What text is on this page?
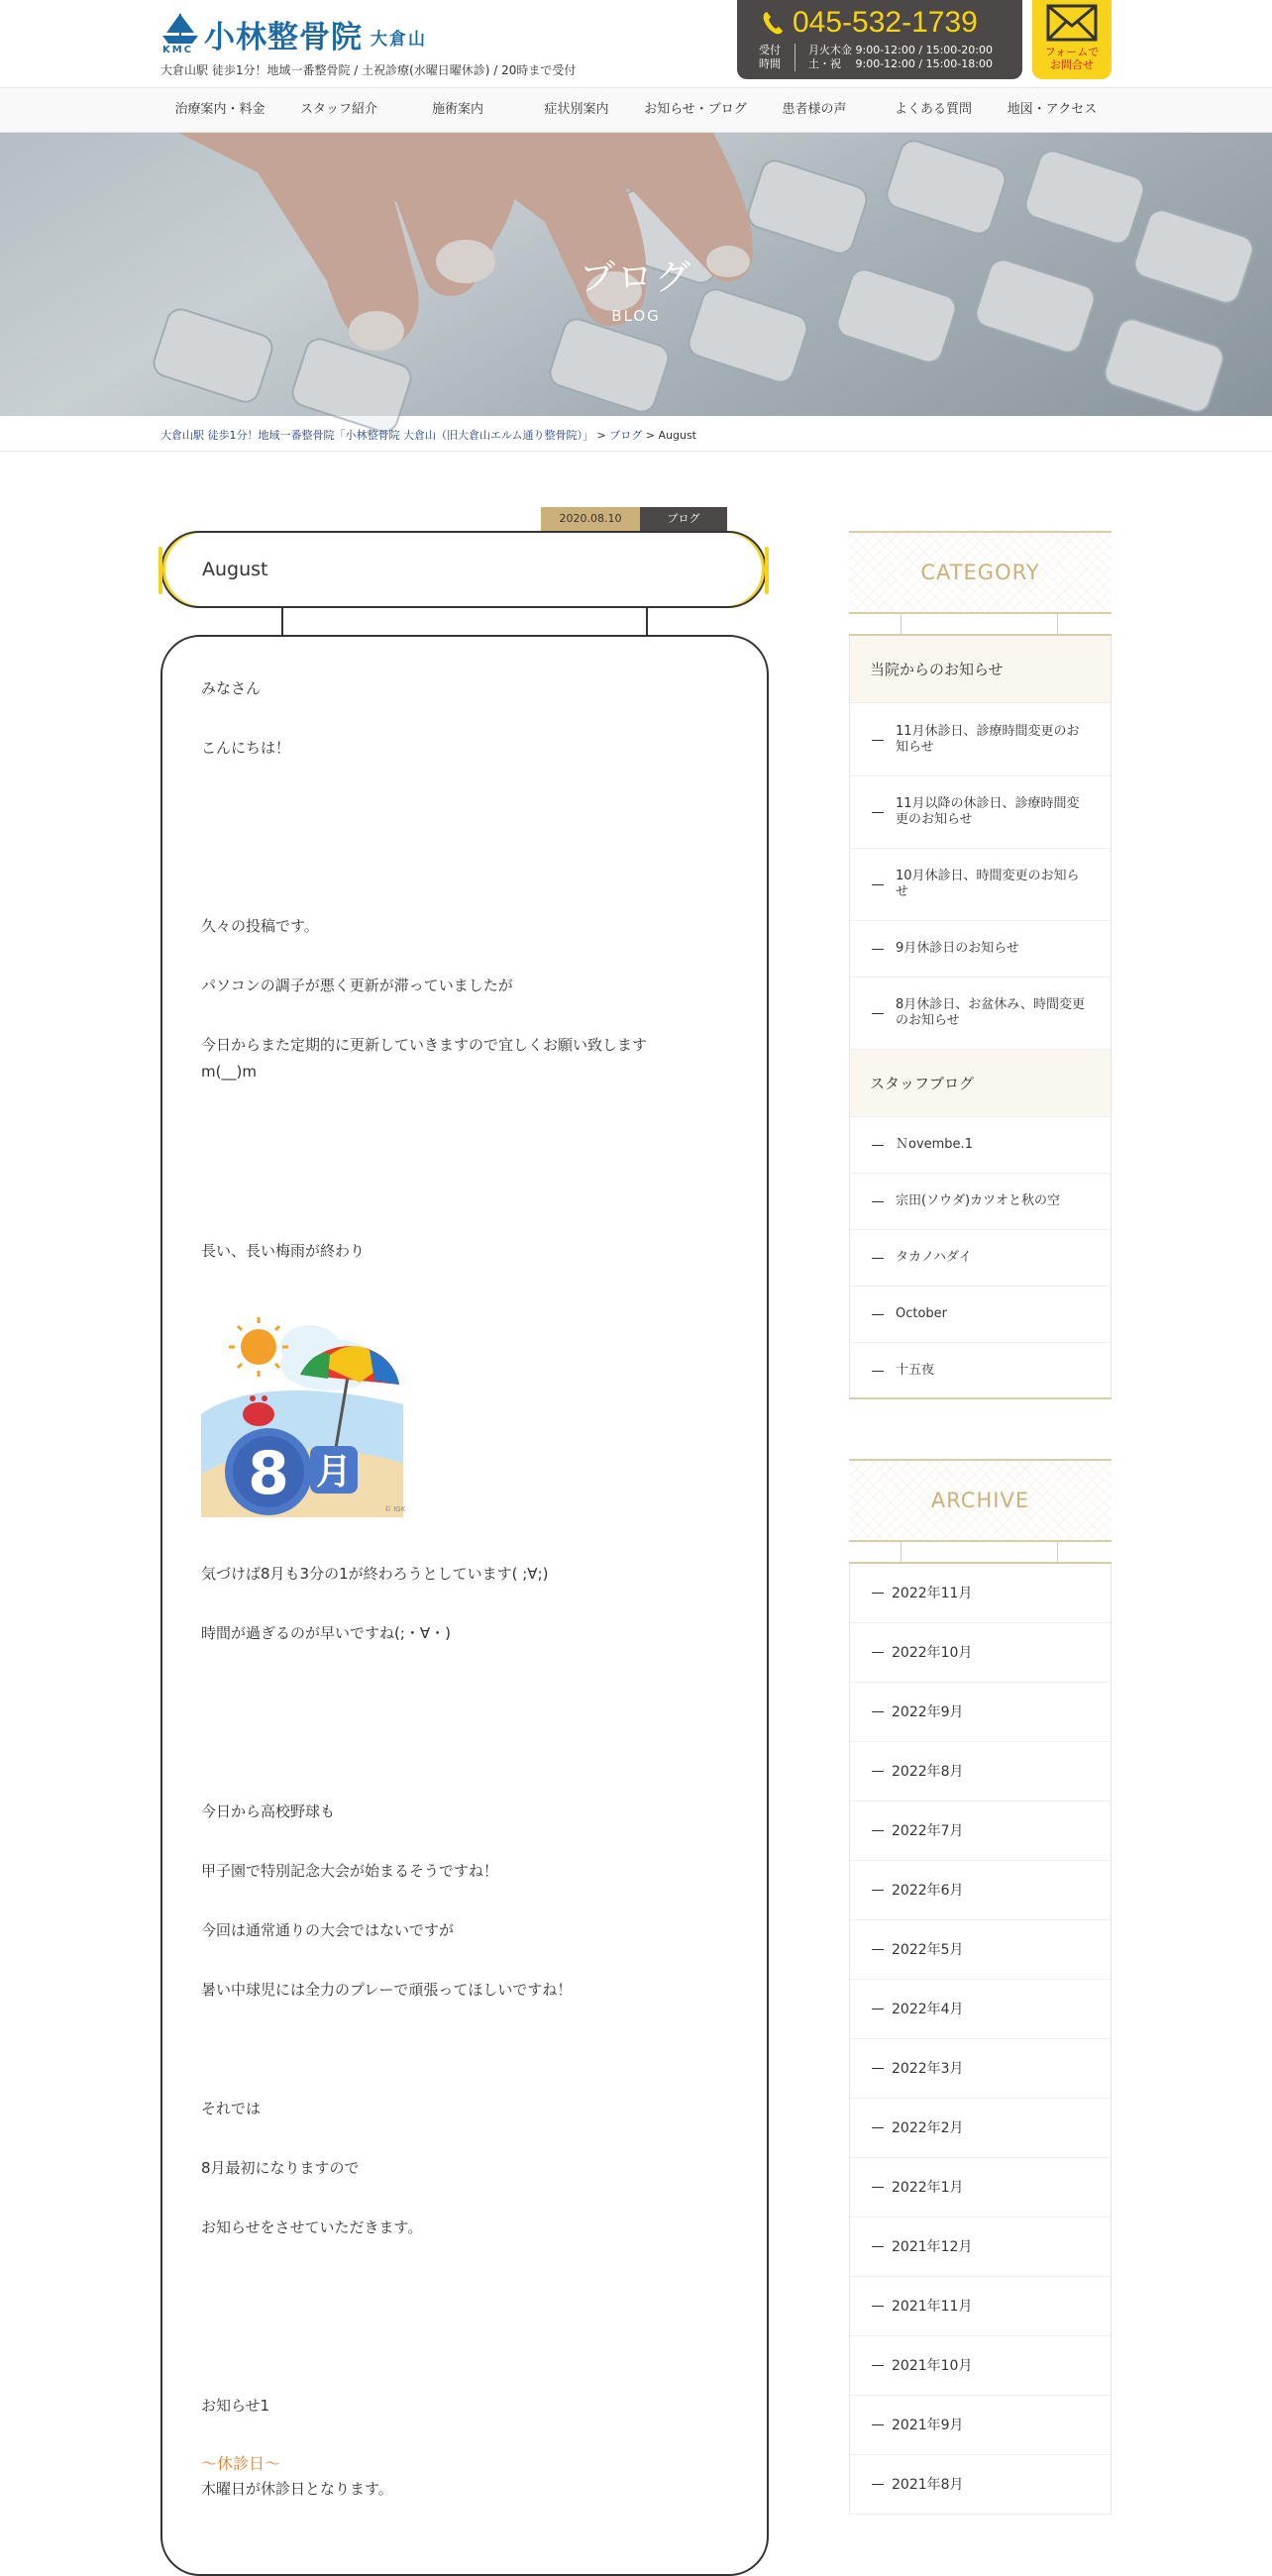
KMC 小林整骨院 大倉山
大倉山駅 徒歩1分！地域一番整骨院 / 土祝診療(水曜日曜休診) / 20時まで受付
045-532-1739
受付
時間
月火木金 9:00-12:00 / 15:00-20:00
土・祝　 9:00-12:00 / 15:00-18:00
フォームで
お問合せ
治療案内・料金	スタッフ紹介	施術案内	症状別案内	お知らせ・ブログ	患者様の声	よくある質問	地図・アクセス
ブログ
BLOG
大倉山駅 徒歩1分！地域一番整骨院「小林整骨院 大倉山（旧大倉山エルム通り整骨院）」 > ブログ > August
2020.08.10	ブログ
August
みなさん
こんにちは！
久々の投稿です。
パソコンの調子が悪く更新が滞っていましたが
今日からまた定期的に更新していきますので宜しくお願い致します
m(__)m
長い、長い梅雨が終わり
8 月
© IGK
気づけば8月も3分の1が終わろうとしています( ;∀;)
時間が過ぎるのが早いですね(;・∀・)
今日から高校野球も
甲子園で特別記念大会が始まるそうですね！
今回は通常通りの大会ではないですが
暑い中球児には全力のプレーで頑張ってほしいですね！
それでは
8月最初になりますので
お知らせをさせていただきます。
お知らせ1
～休診日～
木曜日が休診日となります。
CATEGORY
当院からのお知らせ
11月休診日、診療時間変更のお知らせ
11月以降の休診日、診療時間変更のお知らせ
10月休診日、時間変更のお知らせ
9月休診日のお知らせ
8月休診日、お盆休み、時間変更のお知らせ
スタッフブログ
Ｎovembe.1
宗田(ソウダ)カツオと秋の空
タカノハダイ
October
十五夜
ARCHIVE
2022年11月
2022年10月
2022年9月
2022年8月
2022年7月
2022年6月
2022年5月
2022年4月
2022年3月
2022年2月
2022年1月
2021年12月
2021年11月
2021年10月
2021年9月
2021年8月
